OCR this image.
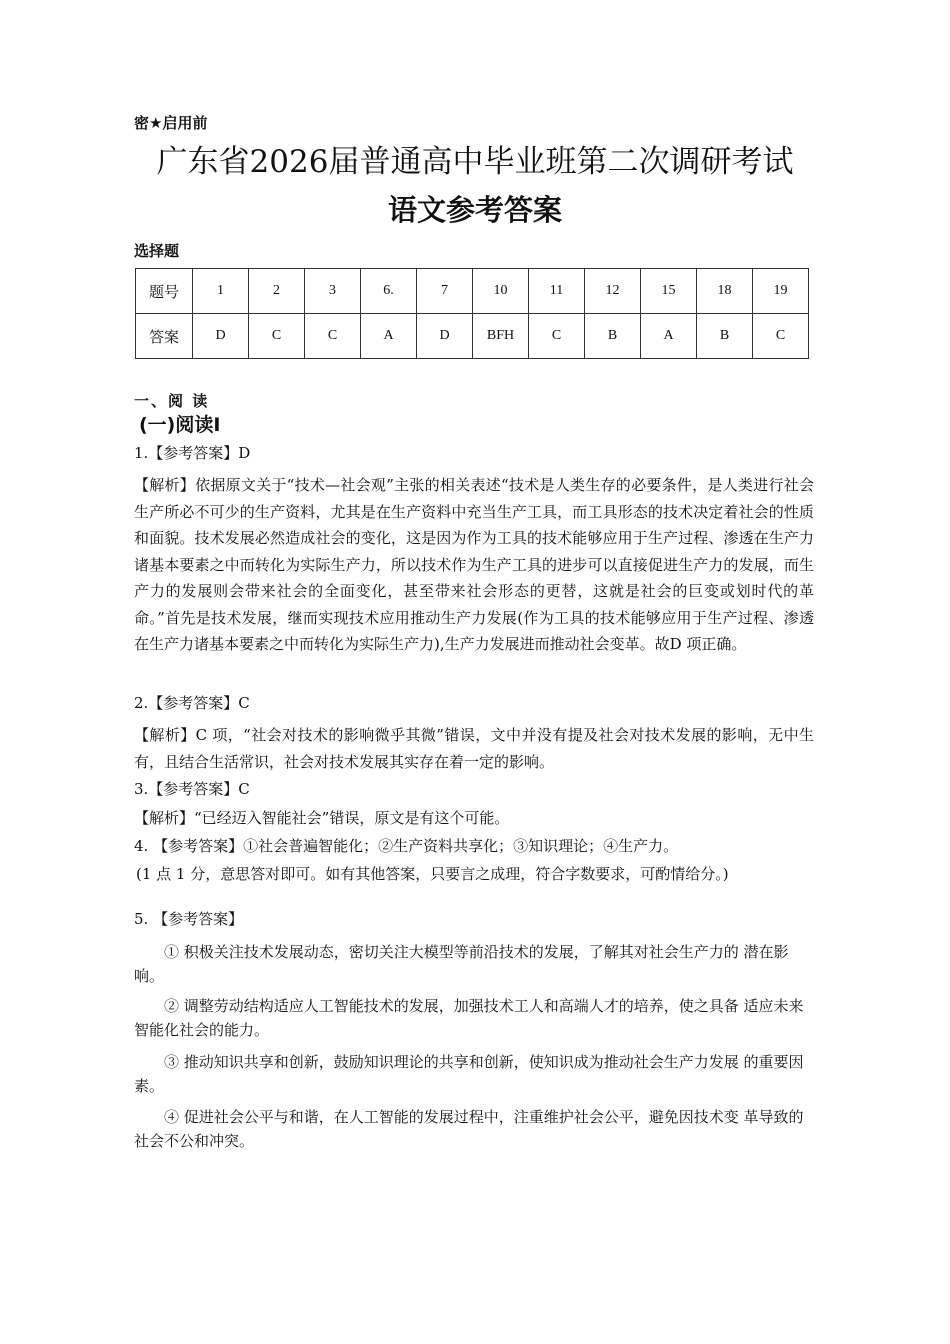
密★启用前
广东省2026届普通高中毕业班第二次调研考试
语文参考答案
选择题
题号	1	2	3	6.	7	10	11	12	15	18	19
答案	D	C	C	A	D	BFH	C	B	A	B	C
一、阅 读
(一)阅读Ⅰ
1.【参考答案】D
【解析】依据原文关于“技术—社会观”主张的相关表述“技术是人类生存的必要条件，是人类进行社会生产所必不可少的生产资料，尤其是在生产资料中充当生产工具，而工具形态的技术决定着社会的性质和面貌。技术发展必然造成社会的变化，这是因为作为工具的技术能够应用于生产过程、渗透在生产力诸基本要素之中而转化为实际生产力，所以技术作为生产工具的进步可以直接促进生产力的发展，而生产力的发展则会带来社会的全面变化，甚至带来社会形态的更替，这就是社会的巨变或划时代的革命。”首先是技术发展，继而实现技术应用推动生产力发展(作为工具的技术能够应用于生产过程、渗透在生产力诸基本要素之中而转化为实际生产力),生产力发展进而推动社会变革。故D 项正确。
2.【参考答案】C
【解析】C 项，“社会对技术的影响微乎其微”错误，文中并没有提及社会对技术发展的影响，无中生有，且结合生活常识，社会对技术发展其实存在着一定的影响。
3.【参考答案】C
【解析】“已经迈入智能社会”错误，原文是有这个可能。
4. 【参考答案】①社会普遍智能化；②生产资料共享化；③知识理论；④生产力。
(1 点 1 分，意思答对即可。如有其他答案，只要言之成理，符合字数要求，可酌情给分。)
5. 【参考答案】
① 积极关注技术发展动态，密切关注大模型等前沿技术的发展，了解其对社会生产力的 潜在影响。
② 调整劳动结构适应人工智能技术的发展，加强技术工人和高端人才的培养，使之具备 适应未来智能化社会的能力。
③ 推动知识共享和创新，鼓励知识理论的共享和创新，使知识成为推动社会生产力发展 的重要因素。
④ 促进社会公平与和谐，在人工智能的发展过程中，注重维护社会公平，避免因技术变 革导致的社会不公和冲突。
